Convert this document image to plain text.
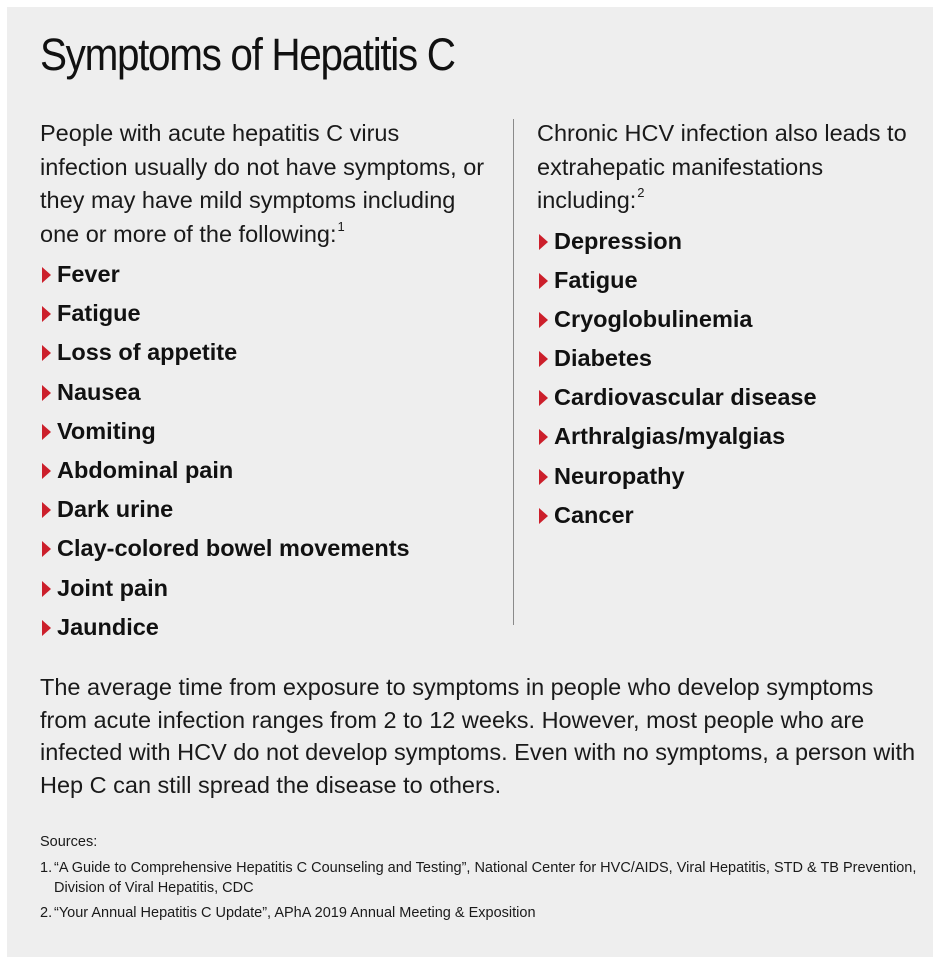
Symptoms of Hepatitis C

People with acute hepatitis C virus infection usually do not have symptoms, or they may have mild symptoms including one or more of the following:$^1$

Fever
Fatigue
Loss of appetite
Nausea
Vomiting
Abdominal pain
Dark urine
Clay-colored bowel movements
Joint pain
Jaundice

Chronic HCV infection also leads to extrahepatic manifestations including:$^2$

Depression
Fatigue
Cryoglobulinemia
Diabetes
Cardiovascular disease
Arthralgias/myalgias
Neuropathy
Cancer

The average time from exposure to symptoms in people who develop symptoms from acute infection ranges from 2 to 12 weeks. However, most people who are infected with HCV do not develop symptoms. Even with no symptoms, a person with Hep C can still spread the disease to others.

Sources:

1. “A Guide to Comprehensive Hepatitis C Counseling and Testing”, National Center for HVC/AIDS, Viral Hepatitis, STD & TB Prevention, Division of Viral Hepatitis, CDC
2. “Your Annual Hepatitis C Update”, APhA 2019 Annual Meeting & Exposition
